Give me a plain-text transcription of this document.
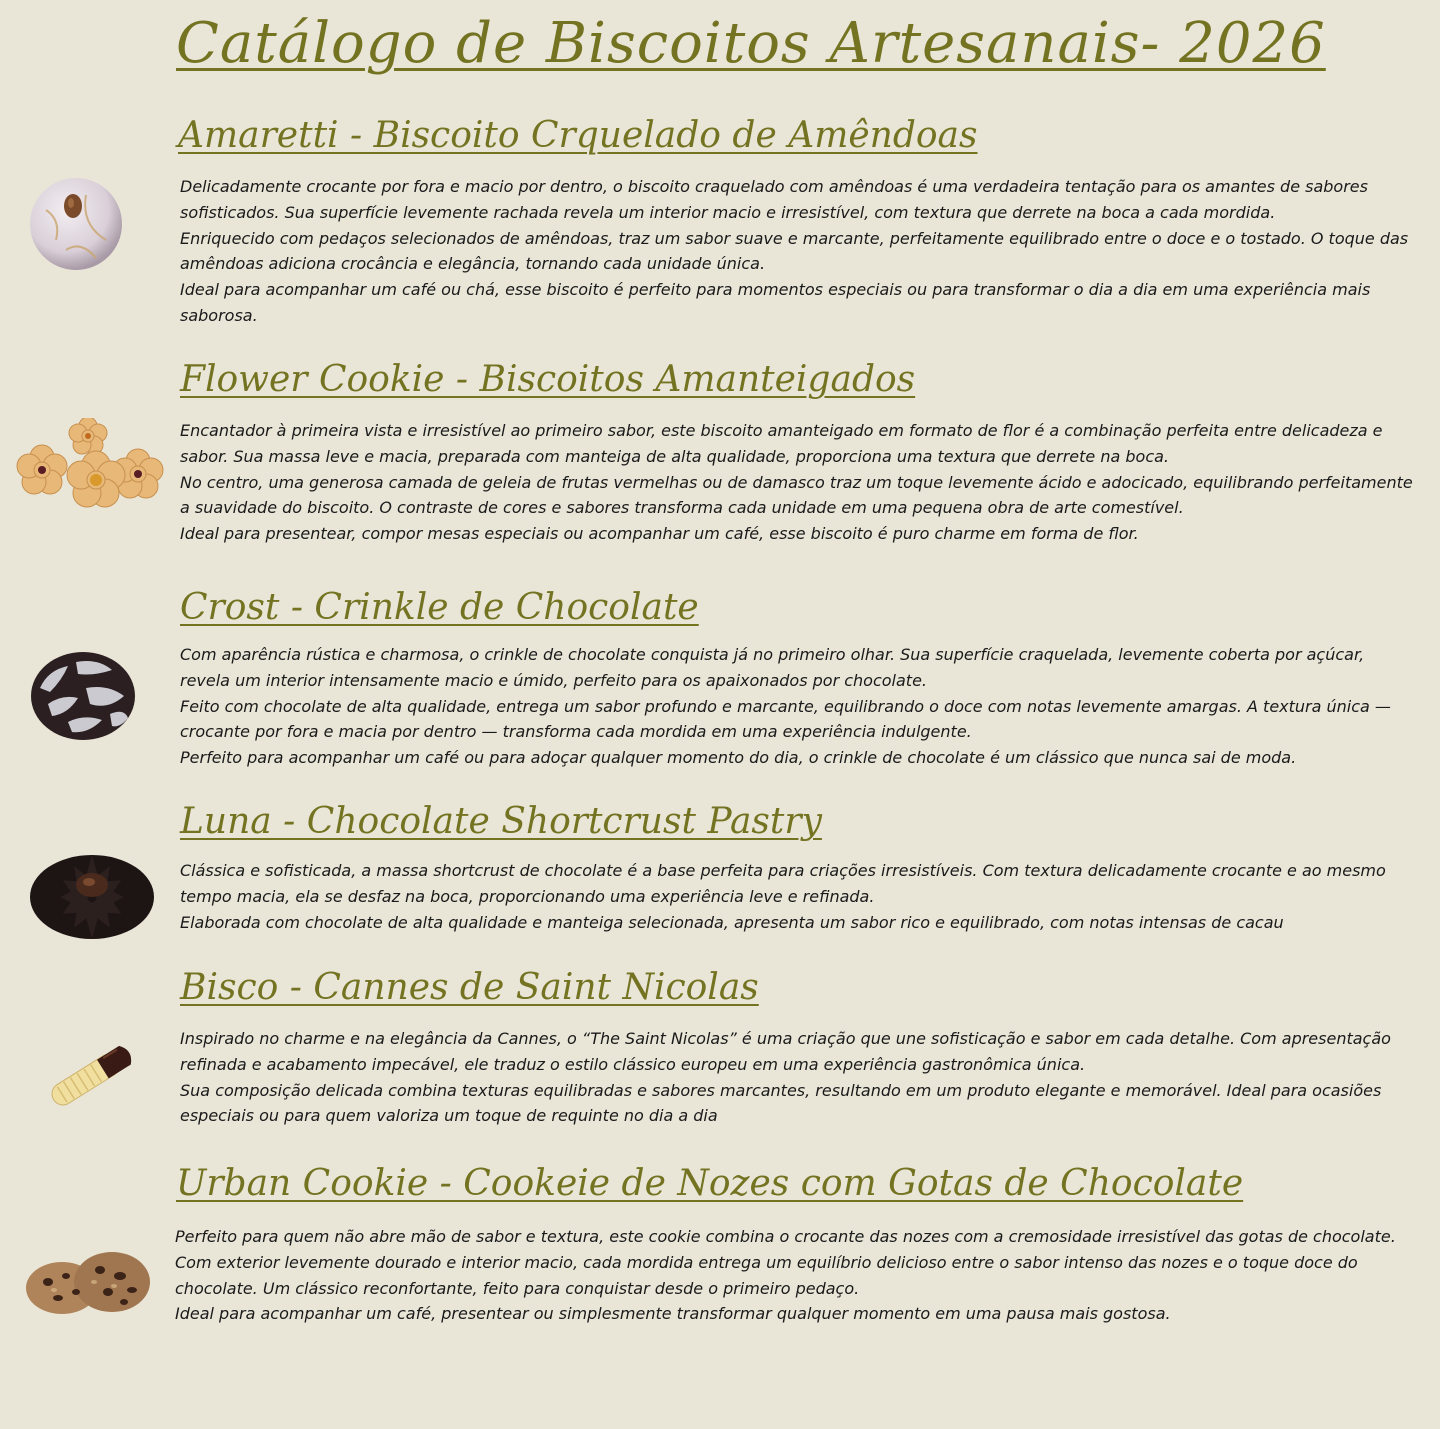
Catálogo de Biscoitos Artesanais- 2026
Amaretti - Biscoito Crquelado de Amêndoas

Delicadamente crocante por fora e macio por dentro, o biscoito craquelado com amêndoas é uma verdadeira tentação para os amantes de sabores sofisticados. Sua superfície levemente rachada revela um interior macio e irresistível, com textura que derrete na boca a cada mordida.

Enriquecido com pedaços selecionados de amêndoas, traz um sabor suave e marcante, perfeitamente equilibrado entre o doce e o tostado. O toque das amêndoas adiciona crocância e elegância, tornando cada unidade única.

Ideal para acompanhar um café ou chá, esse biscoito é perfeito para momentos especiais ou para transformar o dia a dia em uma experiência mais saborosa.

Flower Cookie - Biscoitos Amanteigados

Encantador à primeira vista e irresistível ao primeiro sabor, este biscoito amanteigado em formato de flor é a combinação perfeita entre delicadeza e sabor. Sua massa leve e macia, preparada com manteiga de alta qualidade, proporciona uma textura que derrete na boca.

No centro, uma generosa camada de geleia de frutas vermelhas ou de damasco traz um toque levemente ácido e adocicado, equilibrando perfeitamente a suavidade do biscoito. O contraste de cores e sabores transforma cada unidade em uma pequena obra de arte comestível.

Ideal para presentear, compor mesas especiais ou acompanhar um café, esse biscoito é puro charme em forma de flor.

Crost - Crinkle de Chocolate

Com aparência rústica e charmosa, o crinkle de chocolate conquista já no primeiro olhar. Sua superfície craquelada, levemente coberta por açúcar, revela um interior intensamente macio e úmido, perfeito para os apaixonados por chocolate.

Feito com chocolate de alta qualidade, entrega um sabor profundo e marcante, equilibrando o doce com notas levemente amargas. A textura única — crocante por fora e macia por dentro — transforma cada mordida em uma experiência indulgente.

Perfeito para acompanhar um café ou para adoçar qualquer momento do dia, o crinkle de chocolate é um clássico que nunca sai de moda.

Luna - Chocolate Shortcrust Pastry

Clássica e sofisticada, a massa shortcrust de chocolate é a base perfeita para criações irresistíveis. Com textura delicadamente crocante e ao mesmo tempo macia, ela se desfaz na boca, proporcionando uma experiência leve e refinada.

Elaborada com chocolate de alta qualidade e manteiga selecionada, apresenta um sabor rico e equilibrado, com notas intensas de cacau

Bisco - Cannes de Saint Nicolas

Inspirado no charme e na elegância da Cannes, o “The Saint Nicolas” é uma criação que une sofisticação e sabor em cada detalhe. Com apresentação refinada e acabamento impecável, ele traduz o estilo clássico europeu em uma experiência gastronômica única.

Sua composição delicada combina texturas equilibradas e sabores marcantes, resultando em um produto elegante e memorável. Ideal para ocasiões especiais ou para quem valoriza um toque de requinte no dia a dia

Urban Cookie - Cookeie de Nozes com Gotas de Chocolate

Perfeito para quem não abre mão de sabor e textura, este cookie combina o crocante das nozes com a cremosidade irresistível das gotas de chocolate.

Com exterior levemente dourado e interior macio, cada mordida entrega um equilíbrio delicioso entre o sabor intenso das nozes e o toque doce do chocolate. Um clássico reconfortante, feito para conquistar desde o primeiro pedaço.

Ideal para acompanhar um café, presentear ou simplesmente transformar qualquer momento em uma pausa mais gostosa.
